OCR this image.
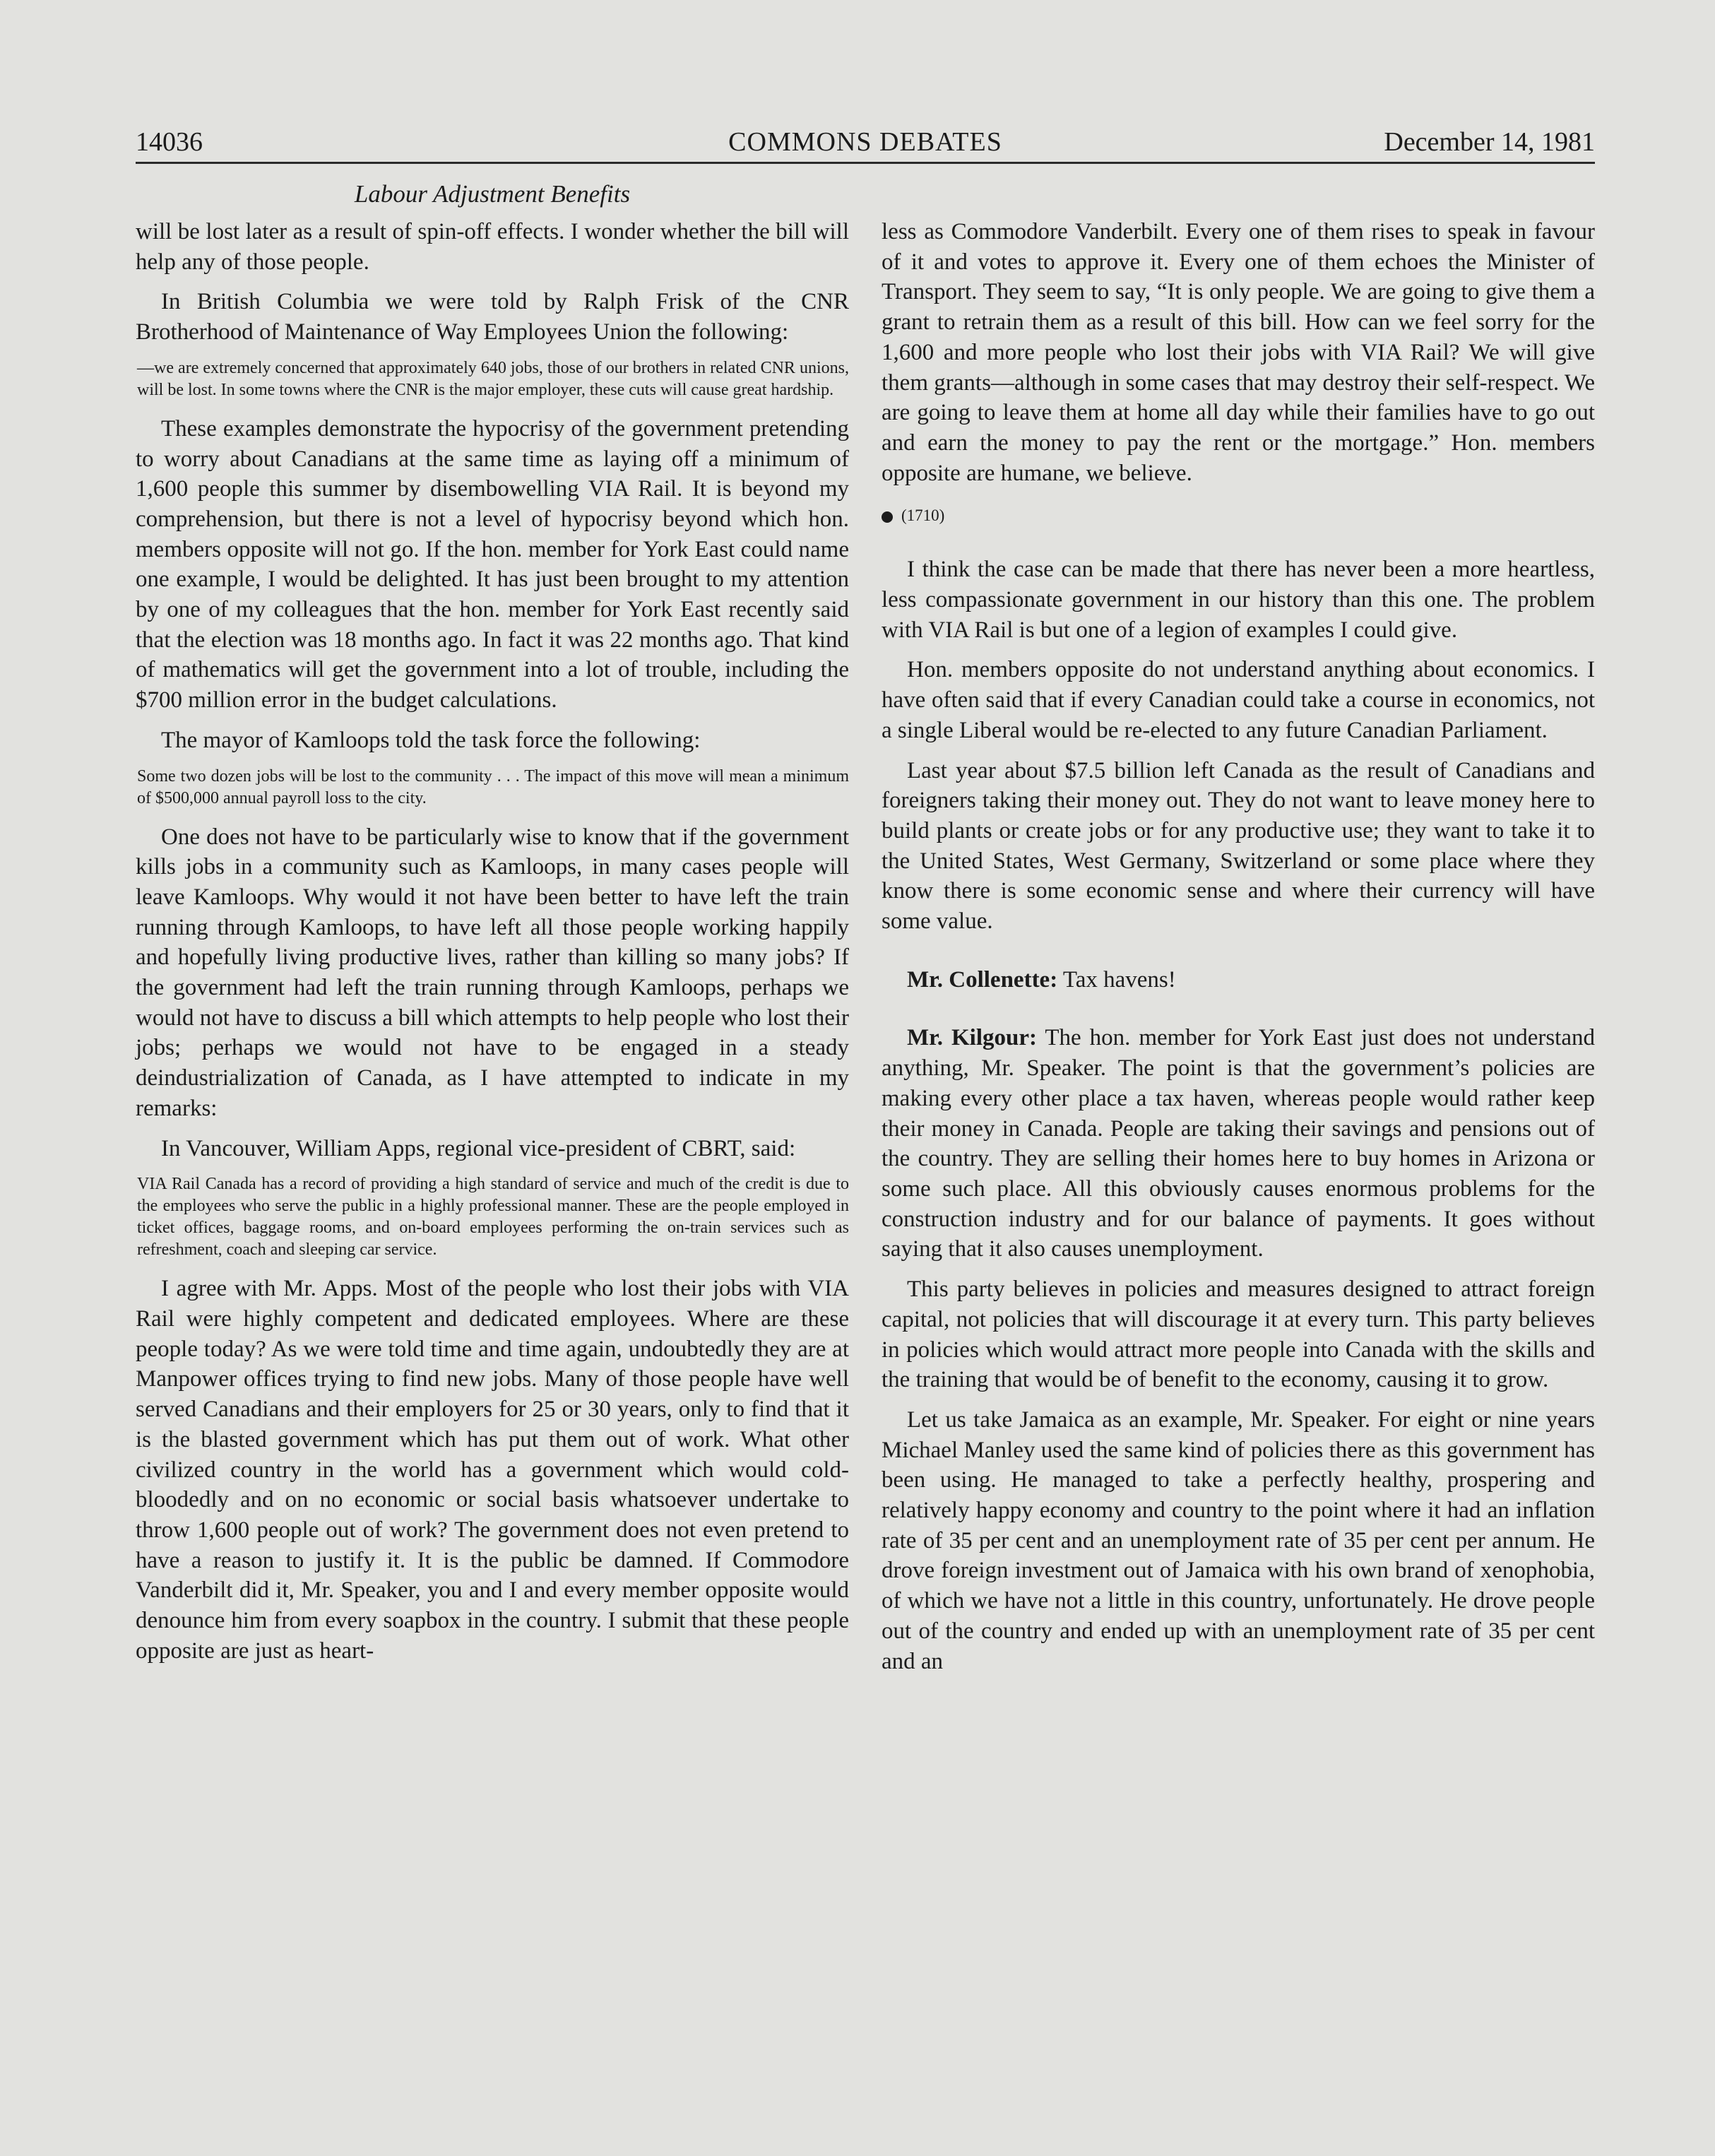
14036	COMMONS DEBATES	December 14, 1981
Labour Adjustment Benefits

will be lost later as a result of spin-off effects. I wonder whether the bill will help any of those people.

In British Columbia we were told by Ralph Frisk of the CNR Brotherhood of Maintenance of Way Employees Union the following:

—we are extremely concerned that approximately 640 jobs, those of our brothers in related CNR unions, will be lost. In some towns where the CNR is the major employer, these cuts will cause great hardship.

These examples demonstrate the hypocrisy of the government pretending to worry about Canadians at the same time as laying off a minimum of 1,600 people this summer by disembowelling VIA Rail. It is beyond my comprehension, but there is not a level of hypocrisy beyond which hon. members opposite will not go. If the hon. member for York East could name one example, I would be delighted. It has just been brought to my attention by one of my colleagues that the hon. member for York East recently said that the election was 18 months ago. In fact it was 22 months ago. That kind of mathematics will get the government into a lot of trouble, including the $700 million error in the budget calculations.

The mayor of Kamloops told the task force the following:

Some two dozen jobs will be lost to the community . . . The impact of this move will mean a minimum of $500,000 annual payroll loss to the city.

One does not have to be particularly wise to know that if the government kills jobs in a community such as Kamloops, in many cases people will leave Kamloops. Why would it not have been better to have left the train running through Kamloops, to have left all those people working happily and hopefully living productive lives, rather than killing so many jobs? If the government had left the train running through Kamloops, perhaps we would not have to discuss a bill which attempts to help people who lost their jobs; perhaps we would not have to be engaged in a steady deindustrialization of Canada, as I have attempted to indicate in my remarks:

In Vancouver, William Apps, regional vice-president of CBRT, said:

VIA Rail Canada has a record of providing a high standard of service and much of the credit is due to the employees who serve the public in a highly professional manner. These are the people employed in ticket offices, baggage rooms, and on-board employees performing the on-train services such as refreshment, coach and sleeping car service.

I agree with Mr. Apps. Most of the people who lost their jobs with VIA Rail were highly competent and dedicated employees. Where are these people today? As we were told time and time again, undoubtedly they are at Manpower offices trying to find new jobs. Many of those people have well served Canadians and their employers for 25 or 30 years, only to find that it is the blasted government which has put them out of work. What other civilized country in the world has a government which would cold-bloodedly and on no economic or social basis whatsoever undertake to throw 1,600 people out of work? The government does not even pretend to have a reason to justify it. It is the public be damned. If Commodore Vanderbilt did it, Mr. Speaker, you and I and every member opposite would denounce him from every soapbox in the country. I submit that these people opposite are just as heart-

less as Commodore Vanderbilt. Every one of them rises to speak in favour of it and votes to approve it. Every one of them echoes the Minister of Transport. They seem to say, “It is only people. We are going to give them a grant to retrain them as a result of this bill. How can we feel sorry for the 1,600 and more people who lost their jobs with VIA Rail? We will give them grants—although in some cases that may destroy their self-respect. We are going to leave them at home all day while their families have to go out and earn the money to pay the rent or the mortgage.” Hon. members opposite are humane, we believe.

(1710)

I think the case can be made that there has never been a more heartless, less compassionate government in our history than this one. The problem with VIA Rail is but one of a legion of examples I could give.

Hon. members opposite do not understand anything about economics. I have often said that if every Canadian could take a course in economics, not a single Liberal would be re-elected to any future Canadian Parliament.

Last year about $7.5 billion left Canada as the result of Canadians and foreigners taking their money out. They do not want to leave money here to build plants or create jobs or for any productive use; they want to take it to the United States, West Germany, Switzerland or some place where they know there is some economic sense and where their currency will have some value.

Mr. Collenette: Tax havens!

Mr. Kilgour: The hon. member for York East just does not understand anything, Mr. Speaker. The point is that the government’s policies are making every other place a tax haven, whereas people would rather keep their money in Canada. People are taking their savings and pensions out of the country. They are selling their homes here to buy homes in Arizona or some such place. All this obviously causes enormous problems for the construction industry and for our balance of payments. It goes without saying that it also causes unemployment.

This party believes in policies and measures designed to attract foreign capital, not policies that will discourage it at every turn. This party believes in policies which would attract more people into Canada with the skills and the training that would be of benefit to the economy, causing it to grow.

Let us take Jamaica as an example, Mr. Speaker. For eight or nine years Michael Manley used the same kind of policies there as this government has been using. He managed to take a perfectly healthy, prospering and relatively happy economy and country to the point where it had an inflation rate of 35 per cent and an unemployment rate of 35 per cent per annum. He drove foreign investment out of Jamaica with his own brand of xenophobia, of which we have not a little in this country, unfortunately. He drove people out of the country and ended up with an unemployment rate of 35 per cent and an
